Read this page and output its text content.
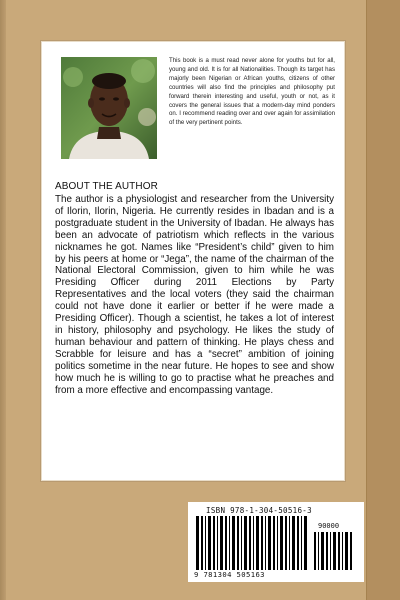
This book is a must read never alone for youths but for all, young and old. It is for all Nationalities. Though its target has majorly been Nigerian or African youths, citizens of other countries will also find the principles and philosophy put forward therein interesting and useful, youth or not, as it covers the general issues that a modern-day mind ponders on. I recommend reading over and over again for assimilation of the very pertinent points.
ABOUT THE AUTHOR
The author is a physiologist and researcher from the University of Ilorin, Ilorin, Nigeria. He currently resides in Ibadan and is a postgraduate student in the University of Ibadan. He always has been an advocate of patriotism which reflects in the various nicknames he got. Names like “President’s child” given to him by his peers at home or “Jega”, the name of the chairman of the National Electoral Commission, given to him while he was Presiding Officer during 2011 Elections by Party Representatives and the local voters (they said the chairman could not have done it earlier or better if he were made a Presiding Officer). Though a scientist, he takes a lot of interest in history, philosophy and psychology. He likes the study of human behaviour and pattern of thinking. He plays chess and Scrabble for leisure and has a “secret” ambition of joining politics sometime in the near future. He hopes to see and show how much he is willing to go to practise what he preaches and from a more effective and encompassing vantage.
ISBN 978-1-304-50516-3
90000
9 781304 505163
